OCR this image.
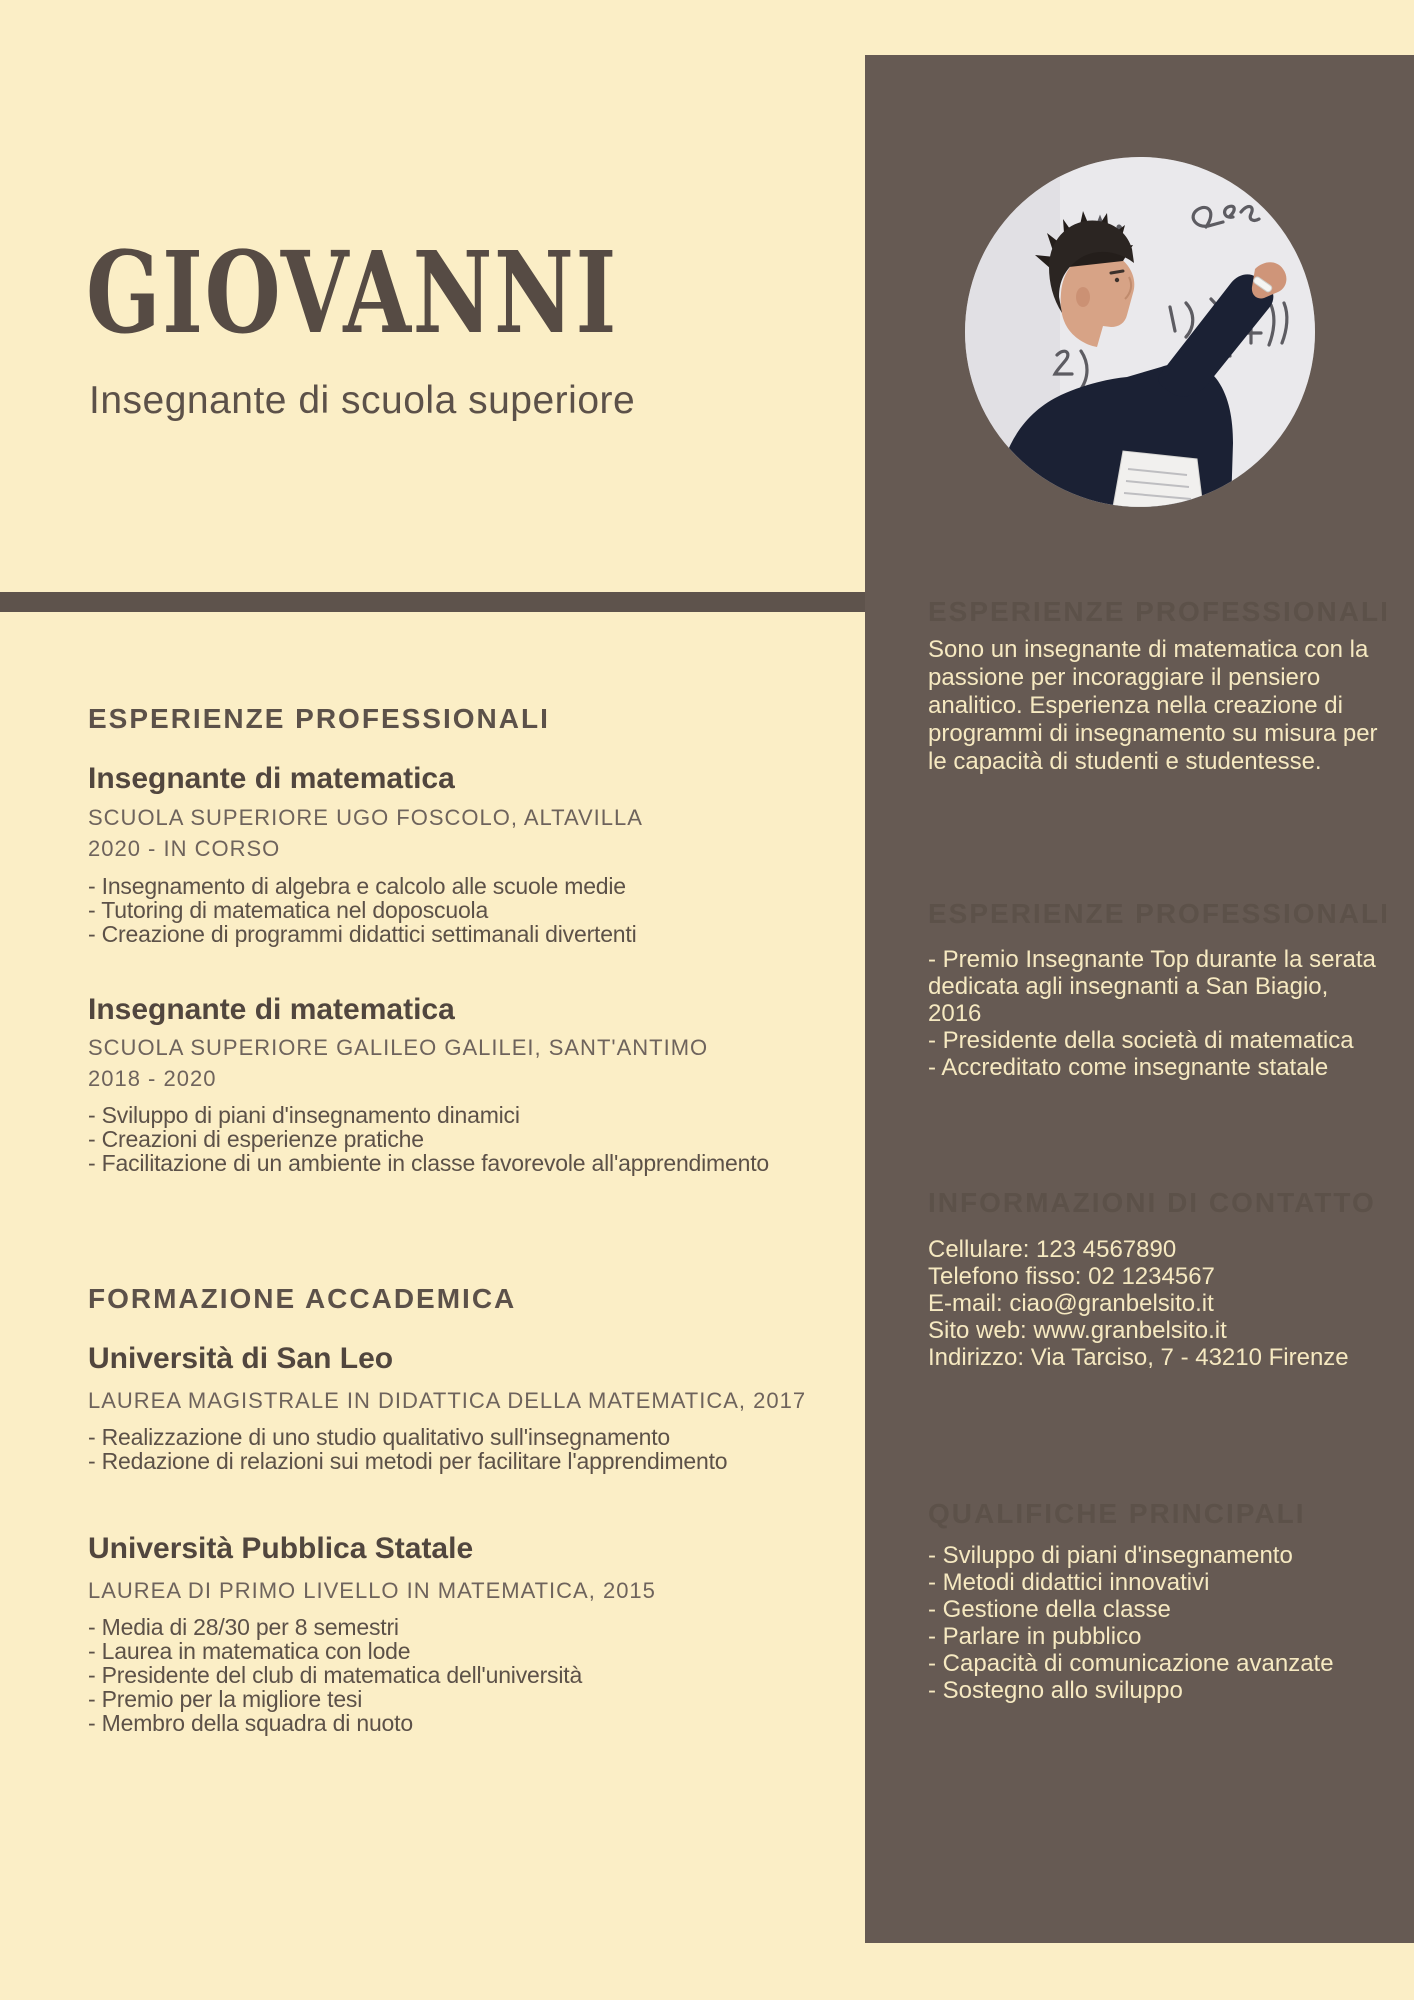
GIOVANNI
Insegnante di scuola superiore
ESPERIENZE PROFESSIONALI
Insegnante di matematica
SCUOLA SUPERIORE UGO FOSCOLO, ALTAVILLA
2020 - IN CORSO
- Insegnamento di algebra e calcolo alle scuole medie
- Tutoring di matematica nel doposcuola
- Creazione di programmi didattici settimanali divertenti
Insegnante di matematica
SCUOLA SUPERIORE GALILEO GALILEI, SANT'ANTIMO
2018 - 2020
- Sviluppo di piani d'insegnamento dinamici
- Creazioni di esperienze pratiche
- Facilitazione di un ambiente in classe favorevole all'apprendimento
FORMAZIONE ACCADEMICA
Università di San Leo
LAUREA MAGISTRALE IN DIDATTICA DELLA MATEMATICA, 2017
- Realizzazione di uno studio qualitativo sull'insegnamento
- Redazione di relazioni sui metodi per facilitare l'apprendimento
Università Pubblica Statale
LAUREA DI PRIMO LIVELLO IN MATEMATICA, 2015
- Media di 28/30 per 8 semestri
- Laurea in matematica con lode
- Presidente del club di matematica dell'università
- Premio per la migliore tesi
- Membro della squadra di nuoto
ESPERIENZE PROFESSIONALI
Sono un insegnante di matematica con la passione per incoraggiare il pensiero analitico. Esperienza nella creazione di programmi di insegnamento su misura per le capacità di studenti e studentesse.
ESPERIENZE PROFESSIONALI
- Premio Insegnante Top durante la serata dedicata agli insegnanti a San Biagio, 2016
- Presidente della società di matematica
- Accreditato come insegnante statale
INFORMAZIONI DI CONTATTO
Cellulare: 123 4567890
Telefono fisso: 02 1234567
E-mail: ciao@granbelsito.it
Sito web: www.granbelsito.it
Indirizzo: Via Tarciso, 7 - 43210 Firenze
QUALIFICHE PRINCIPALI
- Sviluppo di piani d'insegnamento
- Metodi didattici innovativi
- Gestione della classe
- Parlare in pubblico
- Capacità di comunicazione avanzate
- Sostegno allo sviluppo
